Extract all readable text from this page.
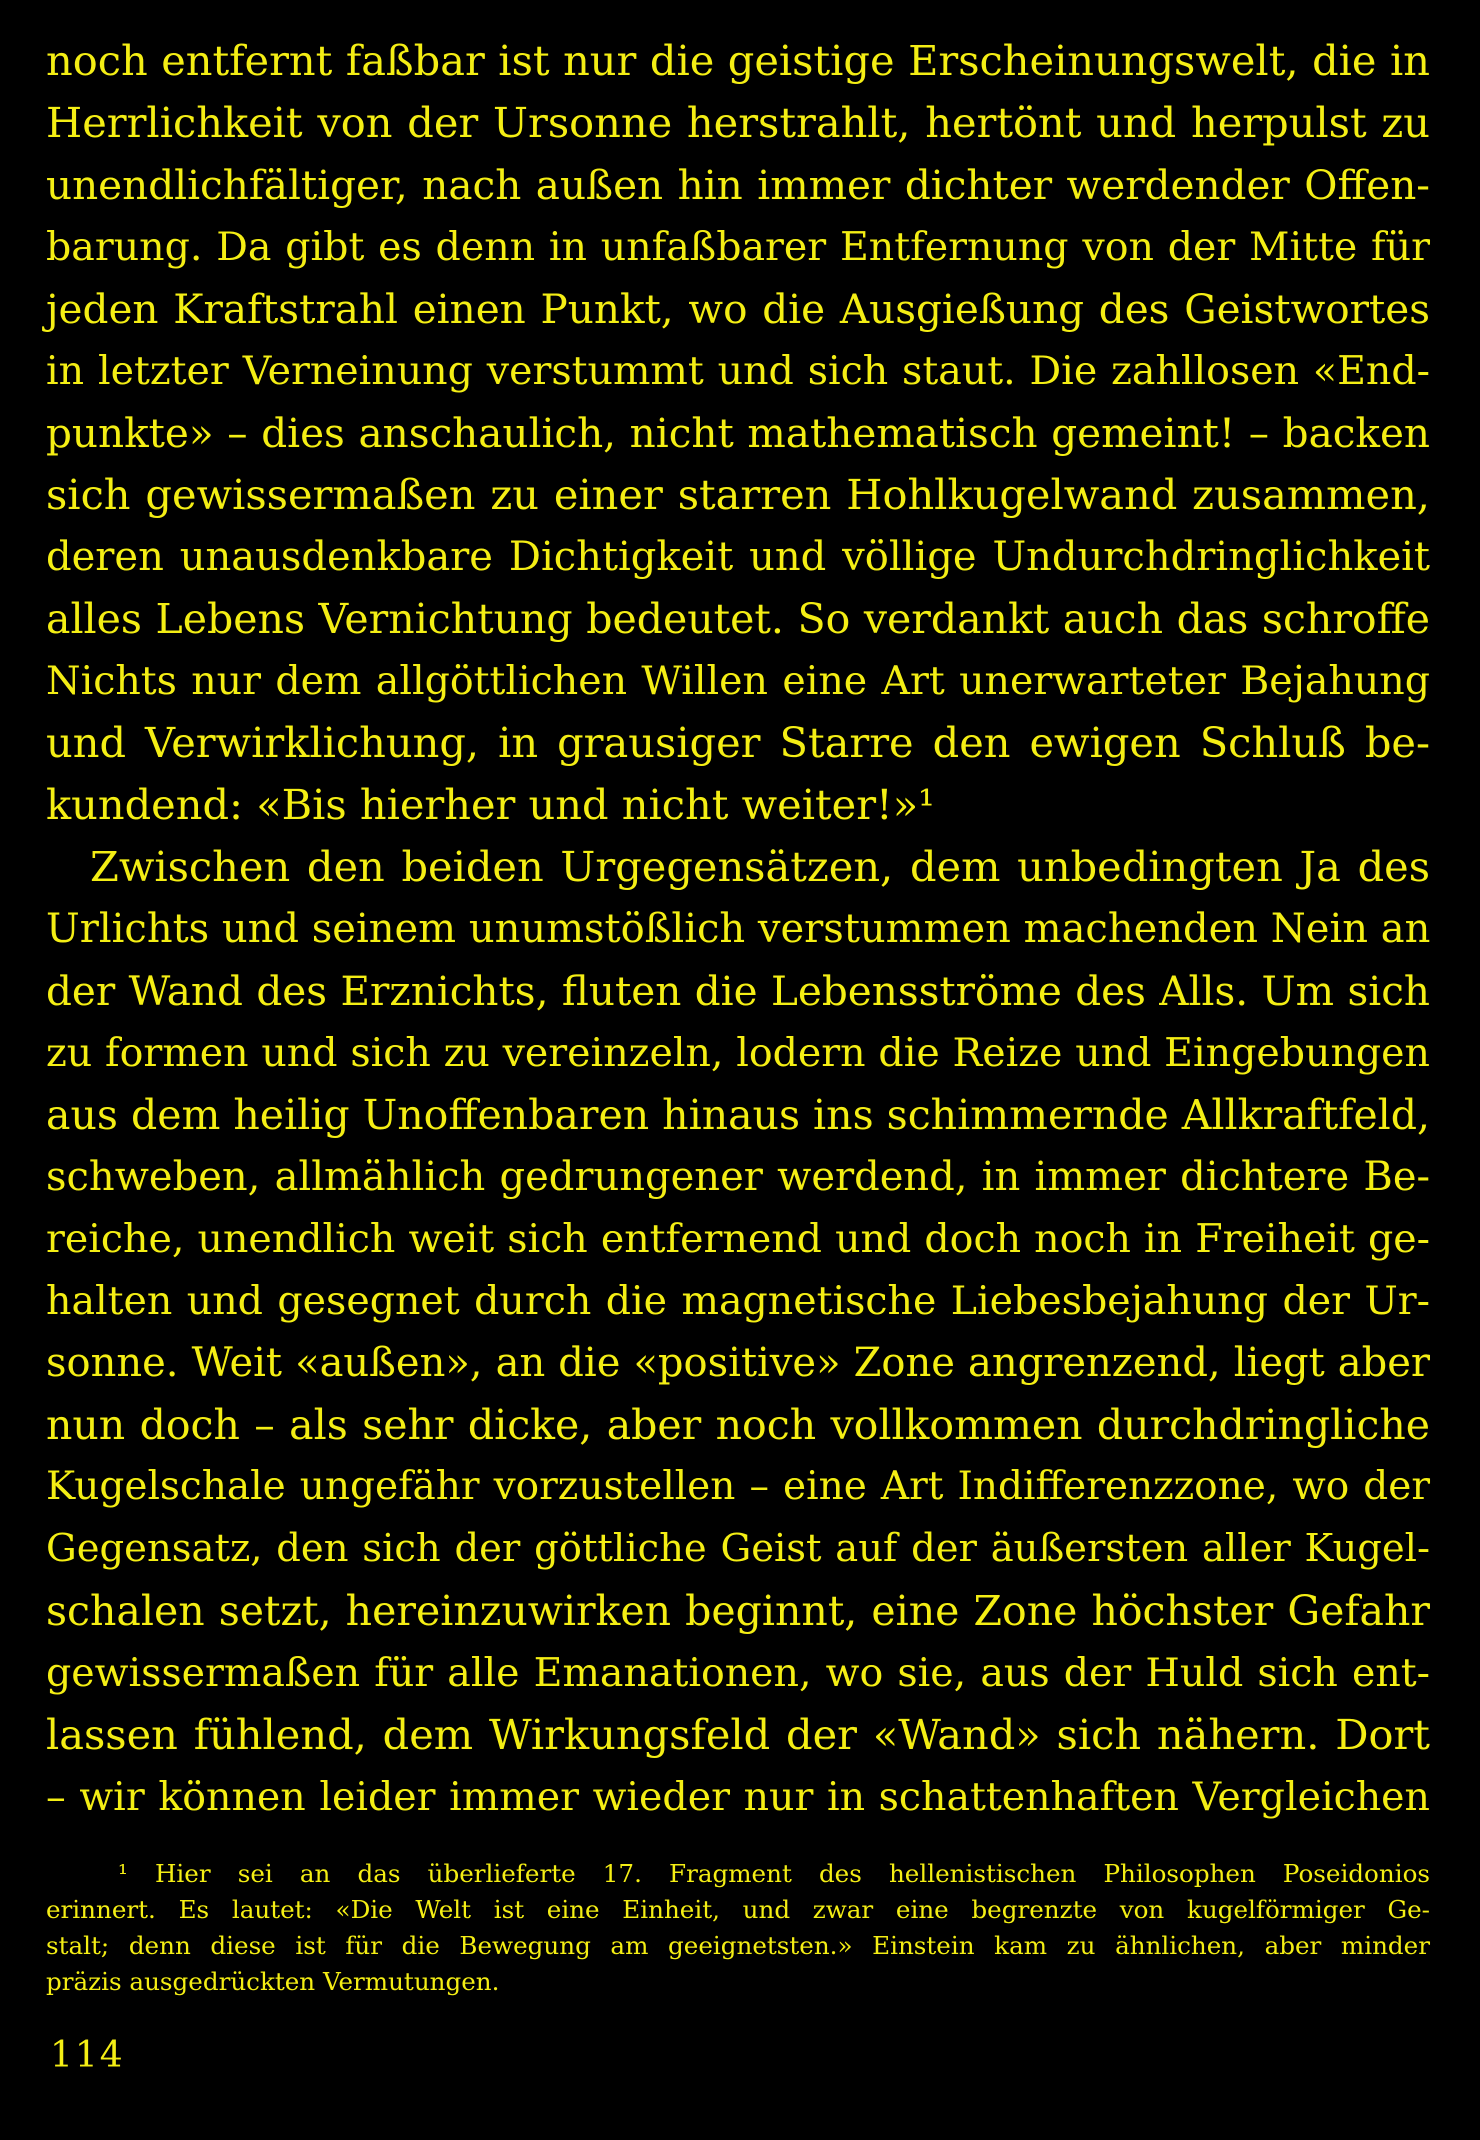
noch entfernt faßbar ist nur die geistige Erscheinungswelt, die in
Herrlichkeit von der Ursonne herstrahlt, hertönt und herpulst zu
unendlichfältiger, nach außen hin immer dichter werdender Offen-
barung. Da gibt es denn in unfaßbarer Entfernung von der Mitte für
jeden Kraftstrahl einen Punkt, wo die Ausgießung des Geistwortes
in letzter Verneinung verstummt und sich staut. Die zahllosen «End-
punkte» – dies anschaulich, nicht mathematisch gemeint! – backen
sich gewissermaßen zu einer starren Hohlkugelwand zusammen,
deren unausdenkbare Dichtigkeit und völlige Undurchdringlichkeit
alles Lebens Vernichtung bedeutet. So verdankt auch das schroffe
Nichts nur dem allgöttlichen Willen eine Art unerwarteter Bejahung
und Verwirklichung, in grausiger Starre den ewigen Schluß be-
kundend: «Bis hierher und nicht weiter!»¹
Zwischen den beiden Urgegensätzen, dem unbedingten Ja des
Urlichts und seinem unumstößlich verstummen machenden Nein an
der Wand des Erznichts, fluten die Lebensströme des Alls. Um sich
zu formen und sich zu vereinzeln, lodern die Reize und Eingebungen
aus dem heilig Unoffenbaren hinaus ins schimmernde Allkraftfeld,
schweben, allmählich gedrungener werdend, in immer dichtere Be-
reiche, unendlich weit sich entfernend und doch noch in Freiheit ge-
halten und gesegnet durch die magnetische Liebesbejahung der Ur-
sonne. Weit «außen», an die «positive» Zone angrenzend, liegt aber
nun doch – als sehr dicke, aber noch vollkommen durchdringliche
Kugelschale ungefähr vorzustellen – eine Art Indifferenzzone, wo der
Gegensatz, den sich der göttliche Geist auf der äußersten aller Kugel-
schalen setzt, hereinzuwirken beginnt, eine Zone höchster Gefahr
gewissermaßen für alle Emanationen, wo sie, aus der Huld sich ent-
lassen fühlend, dem Wirkungsfeld der «Wand» sich nähern. Dort
– wir können leider immer wieder nur in schattenhaften Vergleichen
¹ Hier sei an das überlieferte 17. Fragment des hellenistischen Philosophen Poseidonios
erinnert. Es lautet: «Die Welt ist eine Einheit, und zwar eine begrenzte von kugelförmiger Ge-
stalt; denn diese ist für die Bewegung am geeignetsten.» Einstein kam zu ähnlichen, aber minder
präzis ausgedrückten Vermutungen.
114
